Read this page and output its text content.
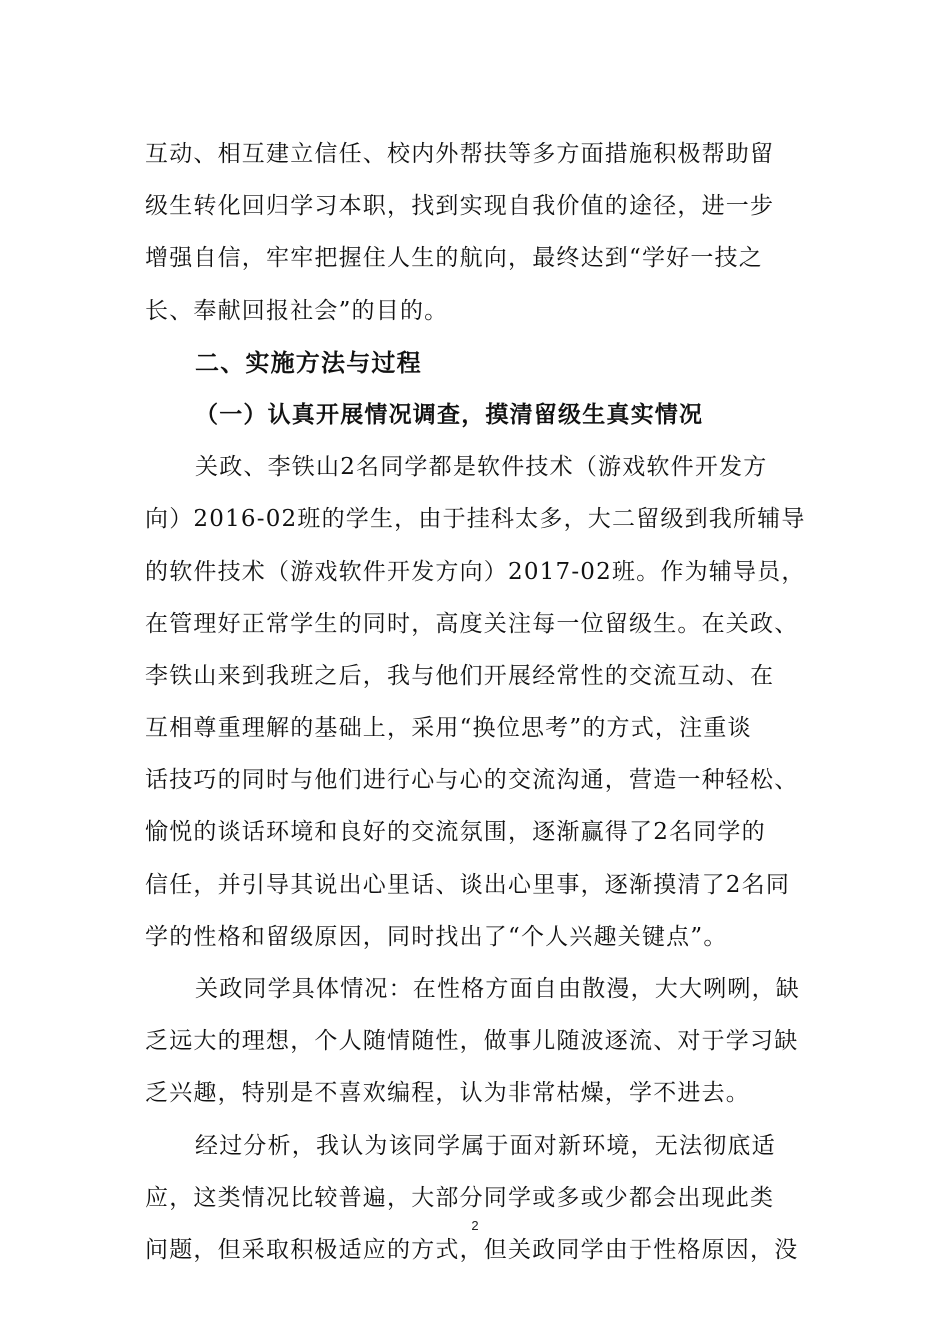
互动、相互建立信任、校内外帮扶等多方面措施积极帮助留
级生转化回归学习本职，找到实现自我价值的途径，进一步
增强自信，牢牢把握住人生的航向，最终达到“学好一技之
长、奉献回报社会”的目的。
二、实施方法与过程
（一）认真开展情况调查，摸清留级生真实情况
关政、李铁山2名同学都是软件技术（游戏软件开发方
向）2016-02班的学生，由于挂科太多，大二留级到我所辅导
的软件技术（游戏软件开发方向）2017-02班。作为辅导员，
在管理好正常学生的同时，高度关注每一位留级生。在关政、
李铁山来到我班之后，我与他们开展经常性的交流互动、在
互相尊重理解的基础上，采用“换位思考”的方式，注重谈
话技巧的同时与他们进行心与心的交流沟通，营造一种轻松、
愉悦的谈话环境和良好的交流氛围，逐渐赢得了2名同学的
信任，并引导其说出心里话、谈出心里事，逐渐摸清了2名同
学的性格和留级原因，同时找出了“个人兴趣关键点”。
关政同学具体情况：在性格方面自由散漫，大大咧咧，缺
乏远大的理想，个人随情随性，做事儿随波逐流、对于学习缺
乏兴趣，特别是不喜欢编程，认为非常枯燥，学不进去。
经过分析，我认为该同学属于面对新环境，无法彻底适
应，这类情况比较普遍，大部分同学或多或少都会出现此类
问题，但采取积极适应的方式，但关政同学由于性格原因，没
2
